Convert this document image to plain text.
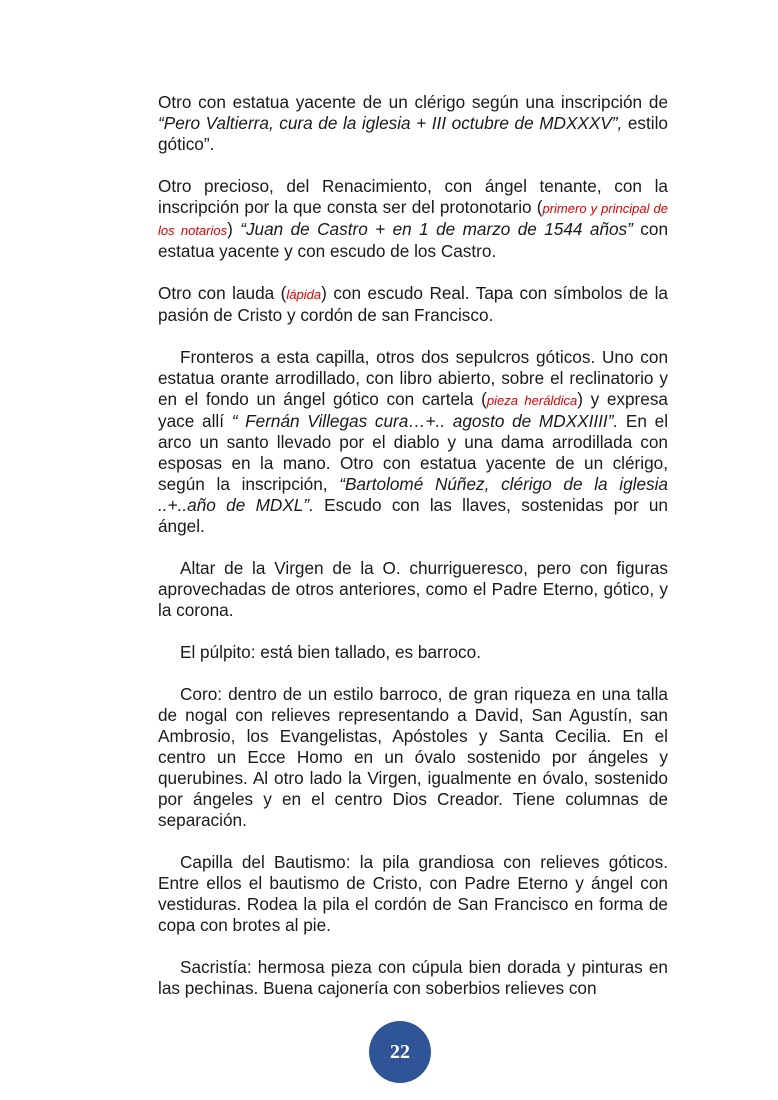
Otro con estatua yacente de un clérigo según una inscripción de “Pero Valtierra, cura de la iglesia + III octubre de MDXXXV”, estilo gótico”.

Otro precioso, del Renacimiento, con ángel tenante, con la inscripción por la que consta ser del protonotario (primero y principal de los notarios) “Juan de Castro + en 1 de marzo de 1544 años” con estatua yacente y con escudo de los Castro.

Otro con lauda (lápida) con escudo Real. Tapa con símbolos de la pasión de Cristo y cordón de san Francisco.

Fronteros a esta capilla, otros dos sepulcros góticos. Uno con estatua orante arrodillado, con libro abierto, sobre el reclinatorio y en el fondo un ángel gótico con cartela (pieza heráldica) y expresa yace allí “ Fernán Villegas cura…+.. agosto de MDXXIIII”. En el arco un santo llevado por el diablo y una dama arrodillada con esposas en la mano. Otro con estatua yacente de un clérigo, según la inscripción, “Bartolomé Núñez, clérigo de la iglesia ..+..año de MDXL”. Escudo con las llaves, sostenidas por un ángel.

Altar de la Virgen de la O. churrigueresco, pero con figuras aprovechadas de otros anteriores, como el Padre Eterno, gótico, y la corona.

El púlpito: está bien tallado, es barroco.

Coro: dentro de un estilo barroco, de gran riqueza en una talla de nogal con relieves representando a David, San Agustín, san Ambrosio, los Evangelistas, Apóstoles y Santa Cecilia. En el centro un Ecce Homo en un óvalo sostenido por ángeles y querubines. Al otro lado la Virgen, igualmente en óvalo, sostenido por ángeles y en el centro Dios Creador. Tiene columnas de separación.

Capilla del Bautismo: la pila grandiosa con relieves góticos. Entre ellos el bautismo de Cristo, con Padre Eterno y ángel con vestiduras. Rodea la pila el cordón de San Francisco en forma de copa con brotes al pie.

Sacristía: hermosa pieza con cúpula bien dorada y pinturas en las pechinas. Buena cajonería con soberbios relieves con

22
